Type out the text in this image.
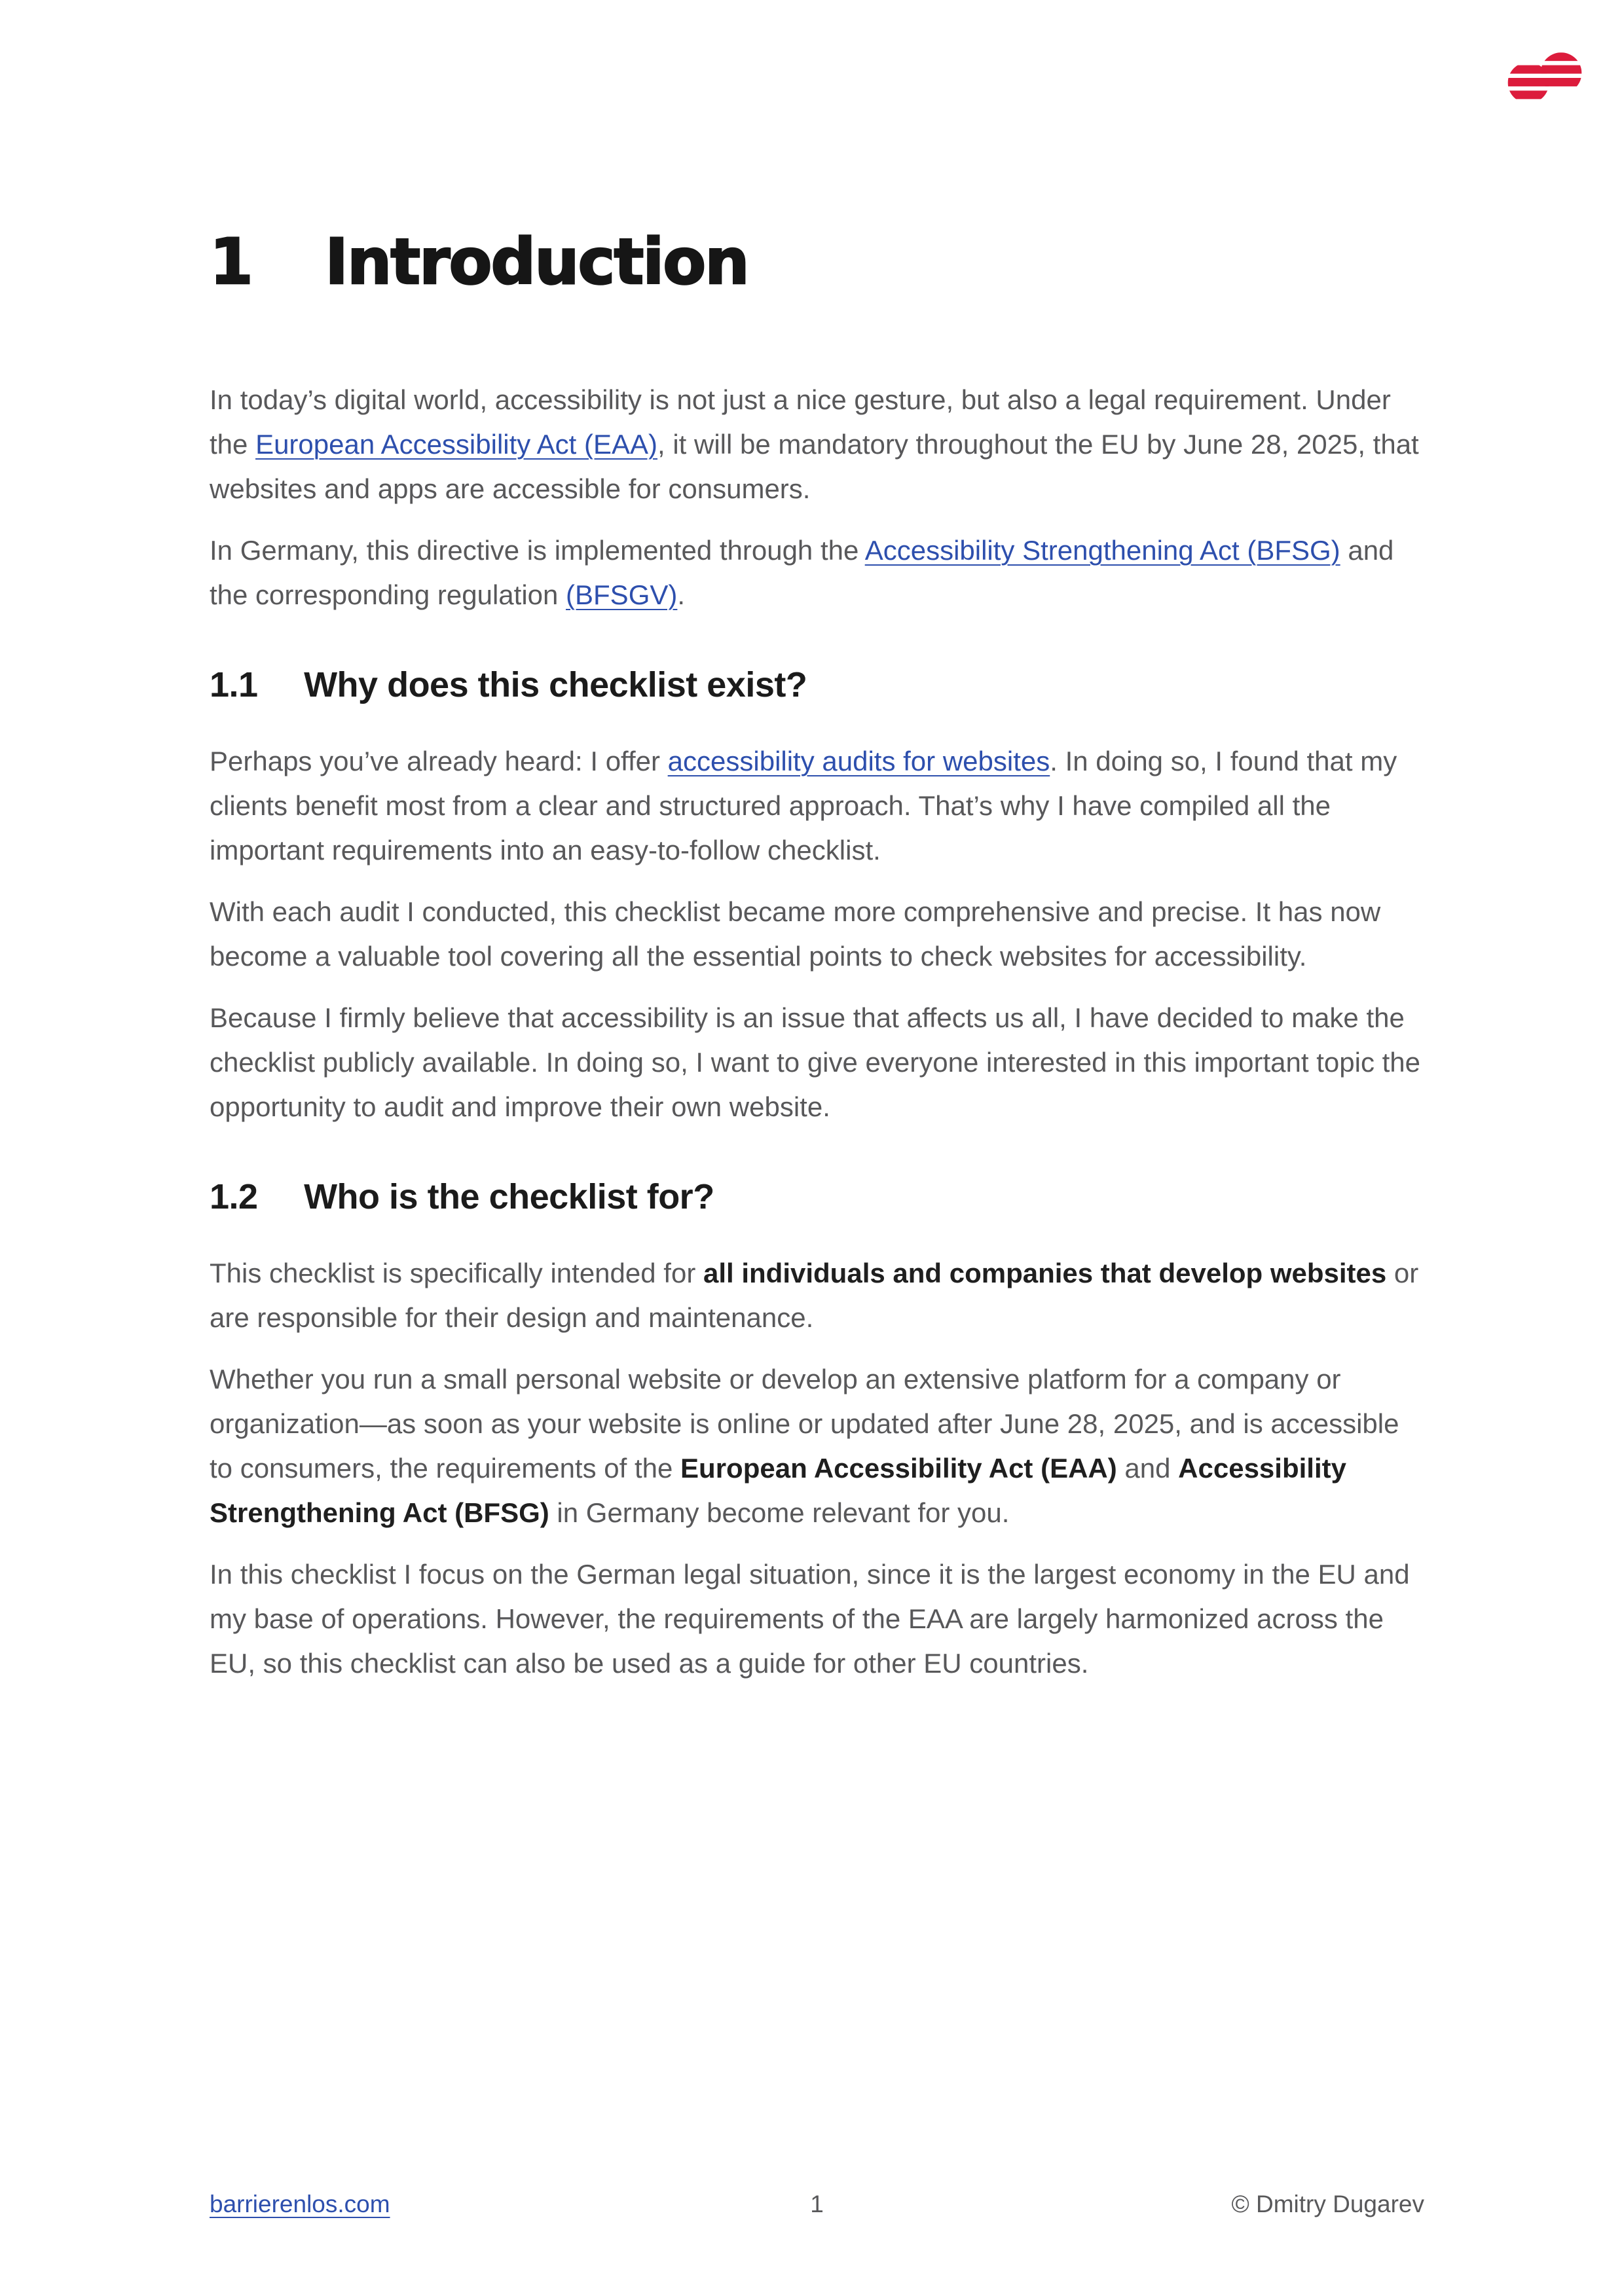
1 Introduction

In today’s digital world, accessibility is not just a nice gesture, but also a legal requirement. Under the European Accessibility Act (EAA), it will be mandatory throughout the EU by June 28, 2025, that websites and apps are accessible for consumers.

In Germany, this directive is implemented through the Accessibility Strengthening Act (BFSG) and the corresponding regulation (BFSGV).

1.1 Why does this checklist exist?

Perhaps you’ve already heard: I offer accessibility audits for websites. In doing so, I found that my clients benefit most from a clear and structured approach. That’s why I have compiled all the important requirements into an easy-to-follow checklist.

With each audit I conducted, this checklist became more comprehensive and precise. It has now become a valuable tool covering all the essential points to check websites for accessibility.

Because I firmly believe that accessibility is an issue that affects us all, I have decided to make the checklist publicly available. In doing so, I want to give everyone interested in this important topic the opportunity to audit and improve their own website.

1.2 Who is the checklist for?

This checklist is specifically intended for all individuals and companies that develop websites or are responsible for their design and maintenance.

Whether you run a small personal website or develop an extensive platform for a company or organization—as soon as your website is online or updated after June 28, 2025, and is accessible to consumers, the requirements of the European Accessibility Act (EAA) and Accessibility Strengthening Act (BFSG) in Germany become relevant for you.

In this checklist I focus on the German legal situation, since it is the largest economy in the EU and my base of operations. However, the requirements of the EAA are largely harmonized across the EU, so this checklist can also be used as a guide for other EU countries.

1
barrierenlos.com	© Dmitry Dugarev
